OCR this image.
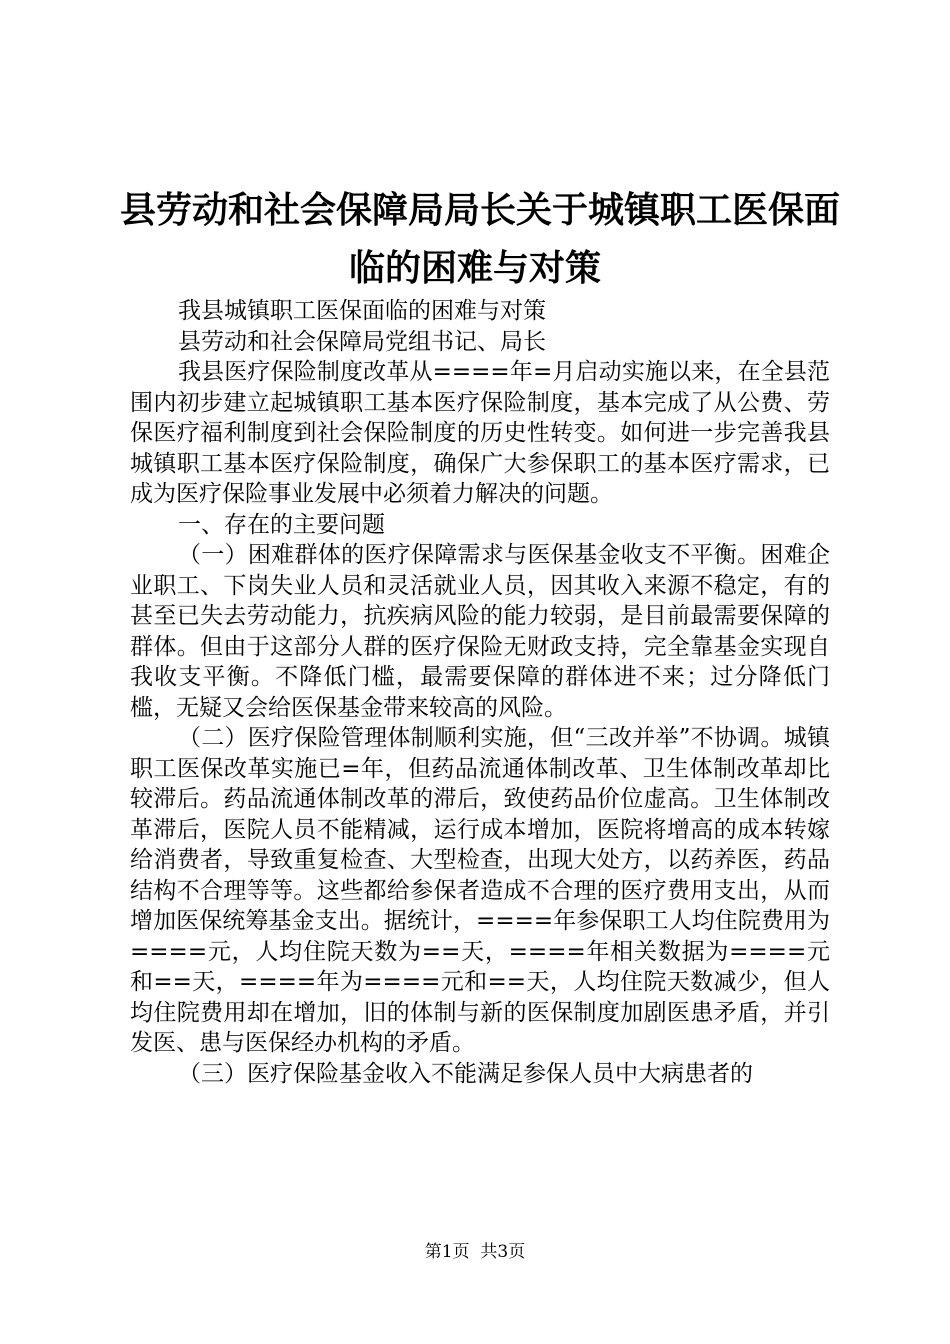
县劳动和社会保障局局长关于城镇职工医保面
临的困难与对策

我县城镇职工医保面临的困难与对策

县劳动和社会保障局党组书记、局长

我县医疗保险制度改革从====年=月启动实施以来，在全县范围内初步建立起城镇职工基本医疗保险制度，基本完成了从公费、劳保医疗福利制度到社会保险制度的历史性转变。如何进一步完善我县城镇职工基本医疗保险制度，确保广大参保职工的基本医疗需求，已成为医疗保险事业发展中必须着力解决的问题。

一、存在的主要问题

（一）困难群体的医疗保障需求与医保基金收支不平衡。困难企业职工、下岗失业人员和灵活就业人员，因其收入来源不稳定，有的甚至已失去劳动能力，抗疾病风险的能力较弱，是目前最需要保障的群体。但由于这部分人群的医疗保险无财政支持，完全靠基金实现自我收支平衡。不降低门槛，最需要保障的群体进不来；过分降低门槛，无疑又会给医保基金带来较高的风险。

（二）医疗保险管理体制顺利实施，但“三改并举”不协调。城镇职工医保改革实施已=年，但药品流通体制改革、卫生体制改革却比较滞后。药品流通体制改革的滞后，致使药品价位虚高。卫生体制改革滞后，医院人员不能精减，运行成本增加，医院将增高的成本转嫁给消费者，导致重复检查、大型检查，出现大处方，以药养医，药品结构不合理等等。这些都给参保者造成不合理的医疗费用支出，从而增加医保统筹基金支出。据统计，====年参保职工人均住院费用为====元，人均住院天数为==天，====年相关数据为====元和==天，====年为====元和==天，人均住院天数减少，但人均住院费用却在增加，旧的体制与新的医保制度加剧医患矛盾，并引发医、患与医保经办机构的矛盾。

（三）医疗保险基金收入不能满足参保人员中大病患者的

第1页 共3页
